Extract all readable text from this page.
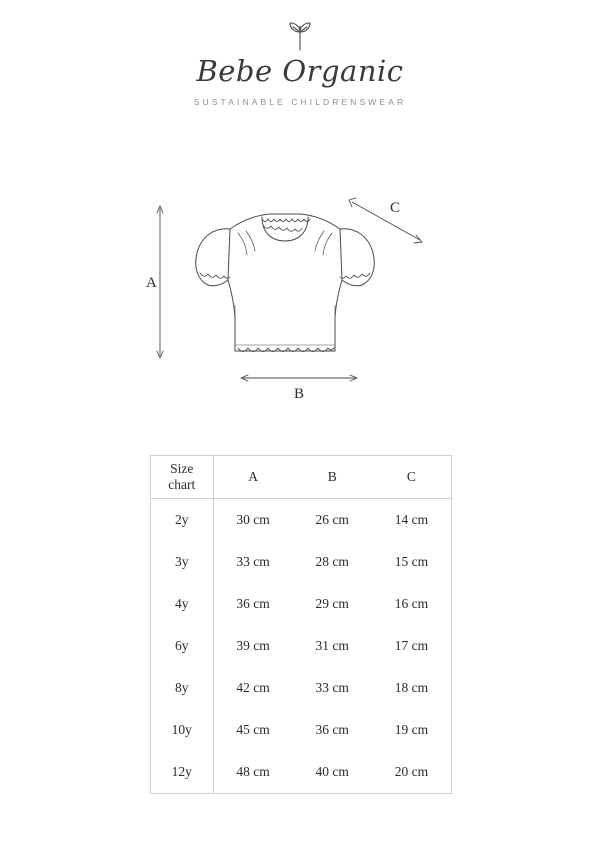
Bebe Organic
SUSTAINABLE CHILDRENSWEAR
A
B
C
Size
chart	A	B	C
2y	30 cm	26 cm	14 cm
3y	33 cm	28 cm	15 cm
4y	36 cm	29 cm	16 cm
6y	39 cm	31 cm	17 cm
8y	42 cm	33 cm	18 cm
10y	45 cm	36 cm	19 cm
12y	48 cm	40 cm	20 cm
